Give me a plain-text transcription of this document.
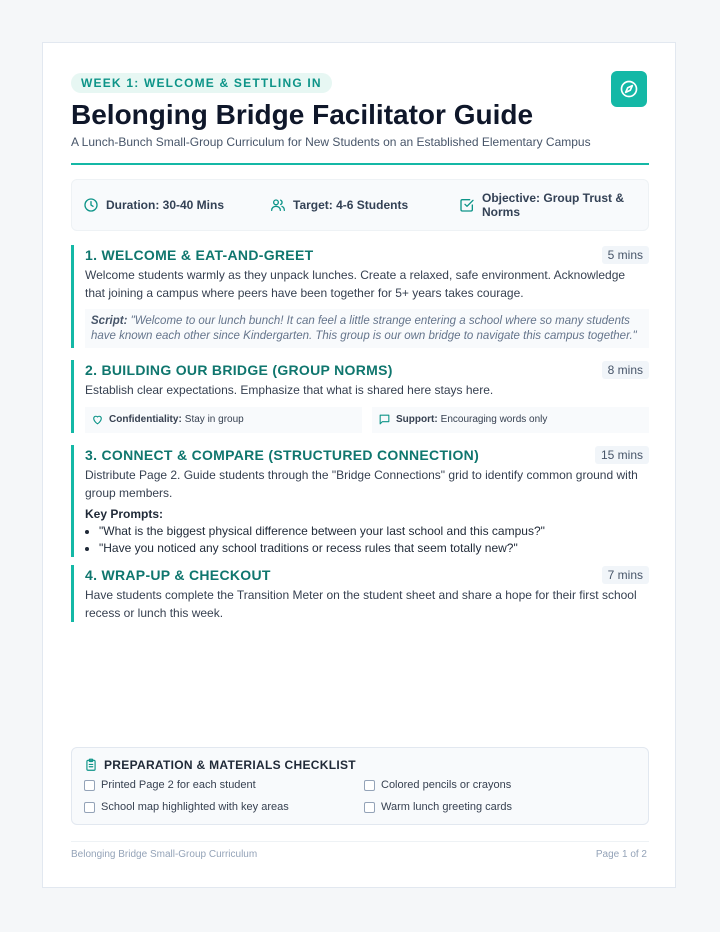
WEEK 1: WELCOME & SETTLING IN
Belonging Bridge Facilitator Guide
A Lunch-Bunch Small-Group Curriculum for New Students on an Established Elementary Campus
Duration: 30-40 Mins	Target: 4-6 Students	Objective: Group Trust &
Norms
1. WELCOME & EAT-AND-GREET	5 mins
Welcome students warmly as they unpack lunches. Create a relaxed, safe environment. Acknowledge that joining a campus where peers have been together for 5+ years takes courage.
Script: "Welcome to our lunch bunch! It can feel a little strange entering a school where so many students have known each other since Kindergarten. This group is our own bridge to navigate this campus together."
2. BUILDING OUR BRIDGE (GROUP NORMS)	8 mins
Establish clear expectations. Emphasize that what is shared here stays here.
Confidentiality: Stay in group	Support: Encouraging words only
3. CONNECT & COMPARE (STRUCTURED CONNECTION)	15 mins
Distribute Page 2. Guide students through the "Bridge Connections" grid to identify common ground with group members.
Key Prompts:
• "What is the biggest physical difference between your last school and this campus?"
• "Have you noticed any school traditions or recess rules that seem totally new?"
4. WRAP-UP & CHECKOUT	7 mins
Have students complete the Transition Meter on the student sheet and share a hope for their first school recess or lunch this week.
PREPARATION & MATERIALS CHECKLIST
Printed Page 2 for each student	Colored pencils or crayons
School map highlighted with key areas	Warm lunch greeting cards
Belonging Bridge Small-Group Curriculum	Page 1 of 2
